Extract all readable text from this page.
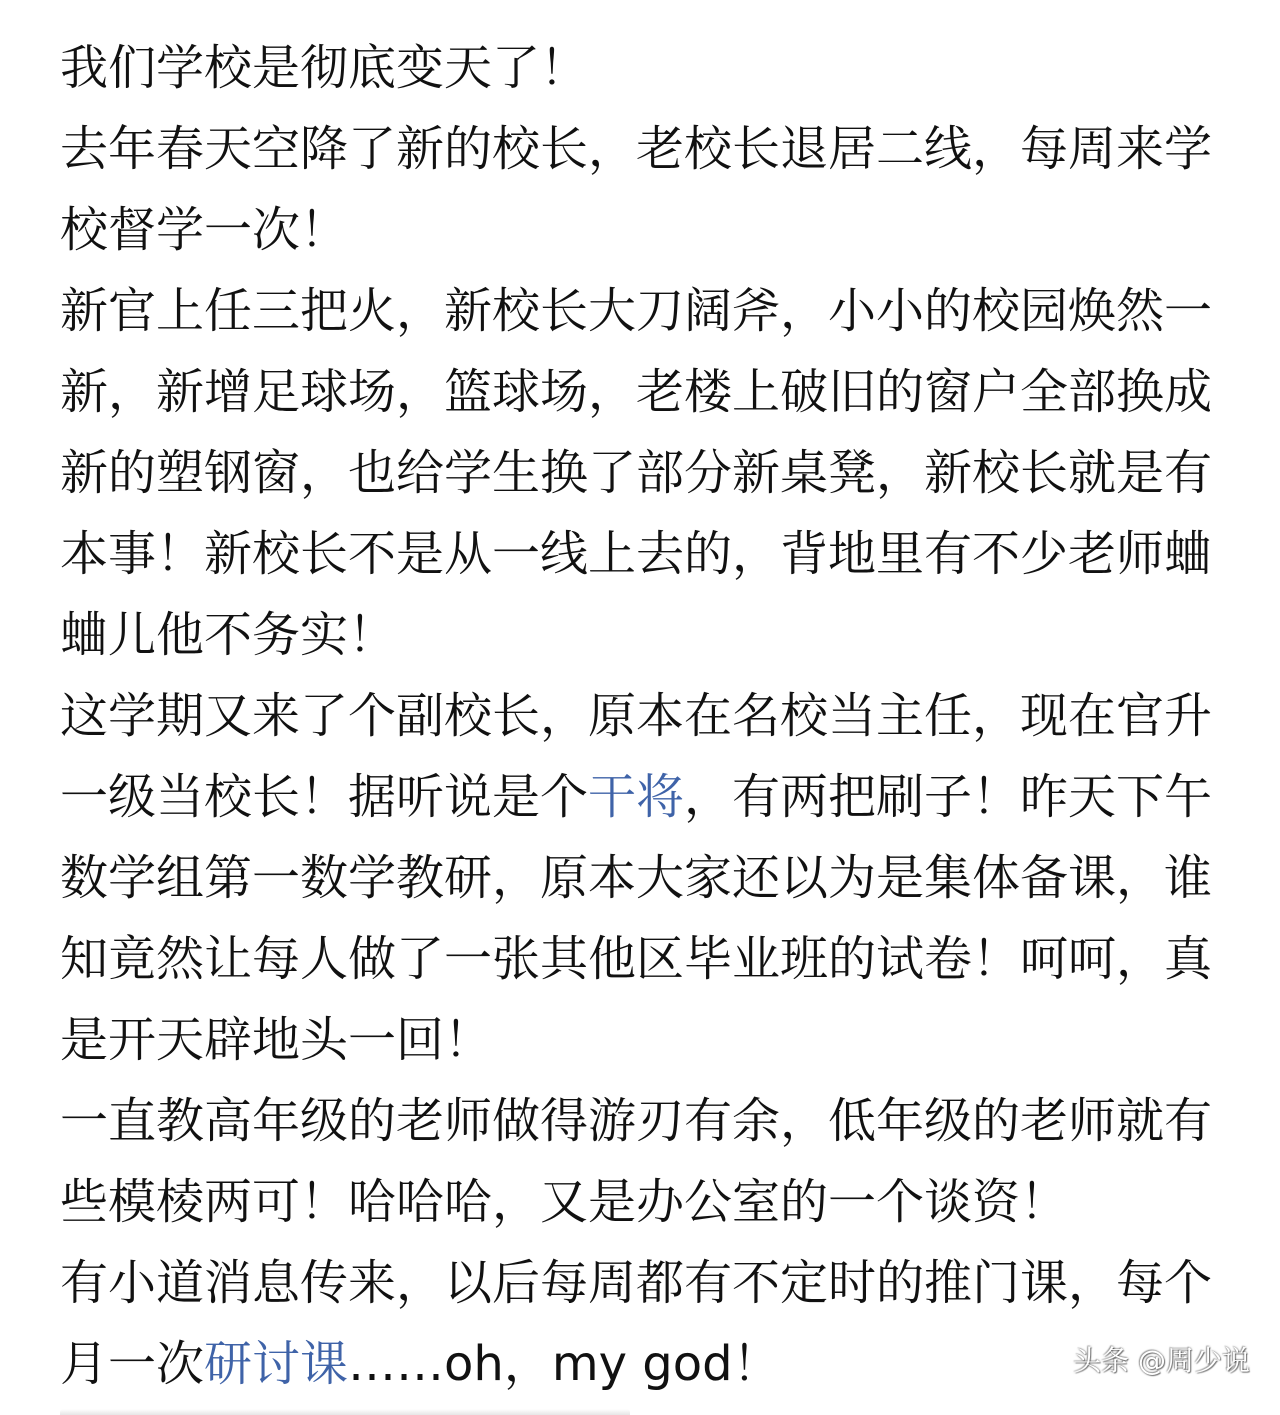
我们学校是彻底变天了！

去年春天空降了新的校长，老校长退居二线，每周来学校督学一次！

新官上任三把火，新校长大刀阔斧，小小的校园焕然一新，新增足球场，篮球场，老楼上破旧的窗户全部换成新的塑钢窗，也给学生换了部分新桌凳，新校长就是有本事！新校长不是从一线上去的，背地里有不少老师蛐蛐儿他不务实！

这学期又来了个副校长，原本在名校当主任，现在官升一级当校长！据听说是个干将，有两把刷子！昨天下午数学组第一数学教研，原本大家还以为是集体备课，谁知竟然让每人做了一张其他区毕业班的试卷！呵呵，真是开天辟地头一回！

一直教高年级的老师做得游刃有余，低年级的老师就有些模棱两可！哈哈哈，又是办公室的一个谈资！

有小道消息传来，以后每周都有不定时的推门课，每个月一次研讨课……oh，my god！	头条 @周少说
